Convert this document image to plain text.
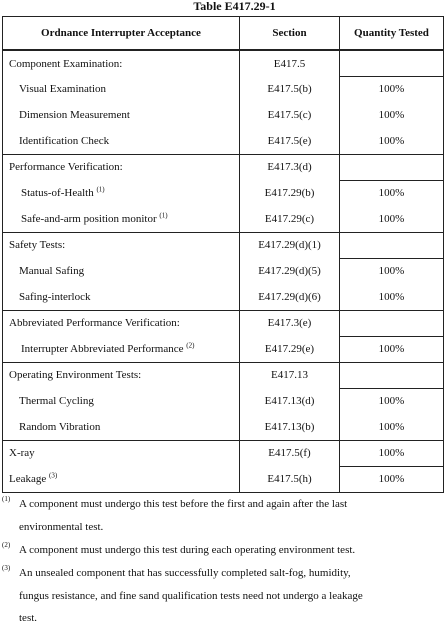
Table E417.29-1
Ordnance Interrupter Acceptance	Section	Quantity Tested

Component Examination:	E417.5	

Visual Examination	E417.5(b)	100%

Dimension Measurement	E417.5(c)	100%

Identification Check	E417.5(e)	100%

Performance Verification:	E417.3(d)	

Status-of-Health $^{(1)}$	E417.29(b)	100%

Safe-and-arm position monitor $^{(1)}$	E417.29(c)	100%

Safety Tests:	E417.29(d)(1)	

Manual Safing	E417.29(d)(5)	100%

Safing-interlock	E417.29(d)(6)	100%

Abbreviated Performance Verification:	E417.3(e)	

Interrupter Abbreviated Performance $^{(2)}$	E417.29(e)	100%

Operating Environment Tests:	E417.13	

Thermal Cycling	E417.13(d)	100%

Random Vibration	E417.13(b)	100%

X-ray	E417.5(f)	100%

Leakage $^{(3)}$	E417.5(h)	100%
(1) A component must undergo this test before the first and again after the last

environmental test.

(2) A component must undergo this test during each operating environment test.

(3) An unsealed component that has successfully completed salt-fog, humidity,

fungus resistance, and fine sand qualification tests need not undergo a leakage

test.
